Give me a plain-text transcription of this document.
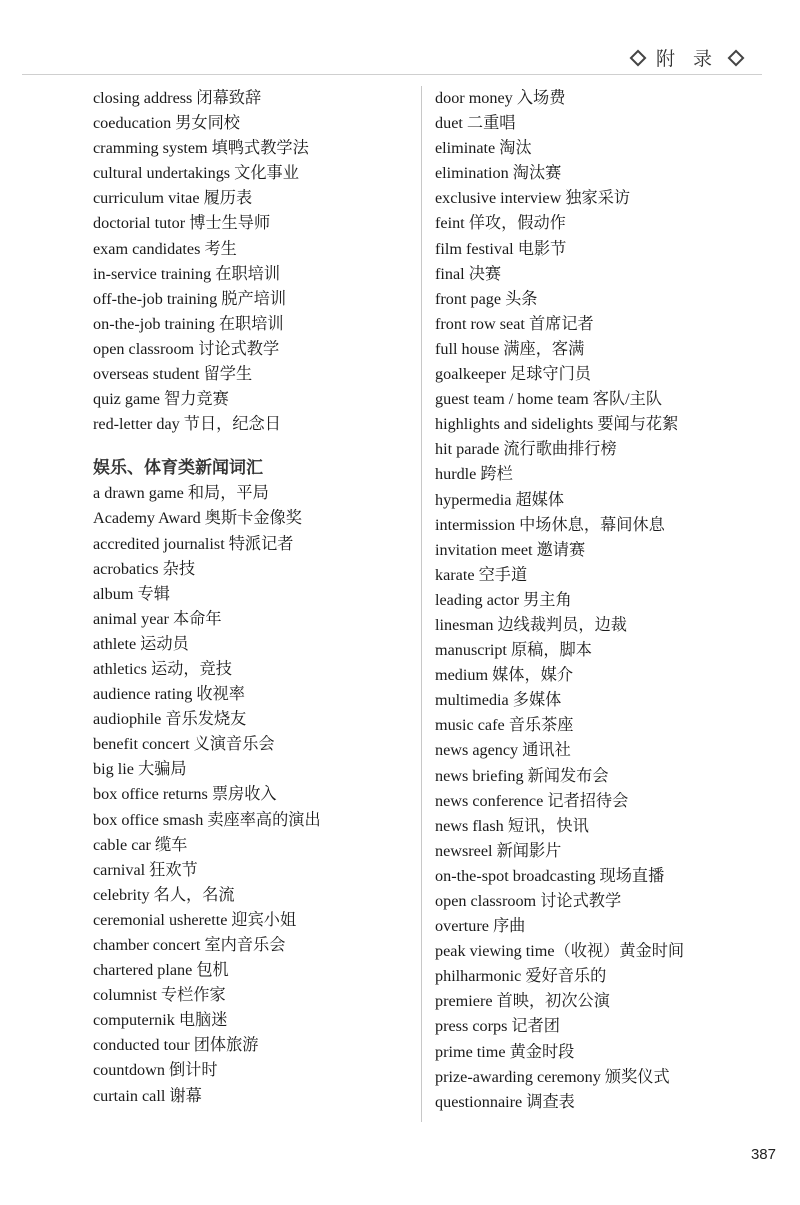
附 录
closing address 闭幕致辞
coeducation 男女同校
cramming system 填鸭式教学法
cultural undertakings 文化事业
curriculum vitae 履历表
doctorial tutor 博士生导师
exam candidates 考生
in-service training 在职培训
off-the-job training 脱产培训
on-the-job training 在职培训
open classroom 讨论式教学
overseas student 留学生
quiz game 智力竞赛
red-letter day 节日，纪念日
娱乐、体育类新闻词汇
a drawn game 和局，平局
Academy Award 奥斯卡金像奖
accredited journalist 特派记者
acrobatics 杂技
album 专辑
animal year 本命年
athlete 运动员
athletics 运动，竞技
audience rating 收视率
audiophile 音乐发烧友
benefit concert 义演音乐会
big lie 大骗局
box office returns 票房收入
box office smash 卖座率高的演出
cable car 缆车
carnival 狂欢节
celebrity 名人，名流
ceremonial usherette 迎宾小姐
chamber concert 室内音乐会
chartered plane 包机
columnist 专栏作家
computernik 电脑迷
conducted tour 团体旅游
countdown 倒计时
curtain call 谢幕
door money 入场费
duet 二重唱
eliminate 淘汰
elimination 淘汰赛
exclusive interview 独家采访
feint 佯攻，假动作
film festival 电影节
final 决赛
front page 头条
front row seat 首席记者
full house 满座，客满
goalkeeper 足球守门员
guest team / home team 客队/主队
highlights and sidelights 要闻与花絮
hit parade 流行歌曲排行榜
hurdle 跨栏
hypermedia 超媒体
intermission 中场休息，幕间休息
invitation meet 邀请赛
karate 空手道
leading actor 男主角
linesman 边线裁判员，边裁
manuscript 原稿，脚本
medium 媒体，媒介
multimedia 多媒体
music cafe 音乐茶座
news agency 通讯社
news briefing 新闻发布会
news conference 记者招待会
news flash 短讯，快讯
newsreel 新闻影片
on-the-spot broadcasting 现场直播
open classroom 讨论式教学
overture 序曲
peak viewing time（收视）黄金时间
philharmonic 爱好音乐的
premiere 首映，初次公演
press corps 记者团
prime time 黄金时段
prize-awarding ceremony 颁奖仪式
questionnaire 调查表
387
